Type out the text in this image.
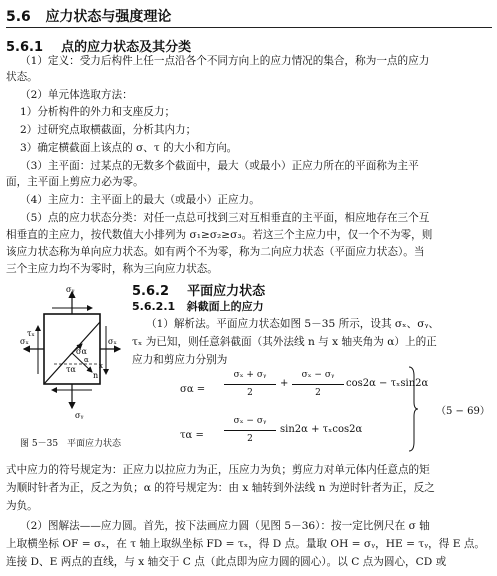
5.6 应力状态与强度理论
5.6.1 点的应力状态及其分类
（1）定义：受力后构件上任一点沿各个不同方向上的应力情况的集合，称为一点的应力
状态。
（2）单元体选取方法：
1）分析构件的外力和支座反力；
2）过研究点取横截面，分析其内力；
3）确定横截面上该点的 σ、τ 的大小和方向。
（3）主平面：过某点的无数多个截面中，最大（或最小）正应力所在的平面称为主平
面，主平面上剪应力必为零。
（4）主应力：主平面上的最大（或最小）正应力。
（5）点的应力状态分类：对任一点总可找到三对互相垂直的主平面，相应地存在三个互
相垂直的主应力，按代数值大小排列为 σ₁≥σ₂≥σ₃。若这三个主应力中，仅一个不为零，则
该应力状态称为单向应力状态。如有两个不为零，称为二向应力状态（平面应力状态）。当
三个主应力均不为零时，称为三向应力状态。
σᵧ
σᵧ
σₓ	σₓ
τₓ
σα
τα
n
α
x
图 5－35　平面应力状态
5.6.2 平面应力状态
5.6.2.1 斜截面上的应力
（1）解析法。平面应力状态如图 5－35 所示，设其 σₓ、σᵧ、
τₓ 为已知，则任意斜截面（其外法线 n 与 x 轴夹角为 α）上的正
应力和剪应力分别为
σα =
σₓ + σᵧ
2
+
σₓ − σᵧ
2
cos2α − τₓsin2α
τα =
σₓ − σᵧ
2
sin2α + τₓcos2α
（5 − 69）
式中应力的符号规定为：正应力以拉应力为正，压应力为负；剪应力对单元体内任意点的矩
为顺时针者为正，反之为负；α 的符号规定为：由 x 轴转到外法线 n 为逆时针者为正，反之
为负。
（2）图解法——应力圆。首先，按下法画应力圆（见图 5－36）：按一定比例尺在 σ 轴
上取横坐标 OF = σₓ，在 τ 轴上取纵坐标 FD = τₓ，得 D 点。量取 OH = σᵧ，HE = τᵧ，得 E 点。
连接 D、E 两点的直线，与 x 轴交于 C 点（此点即为应力圆的圆心）。以 C 点为圆心，CD 或
